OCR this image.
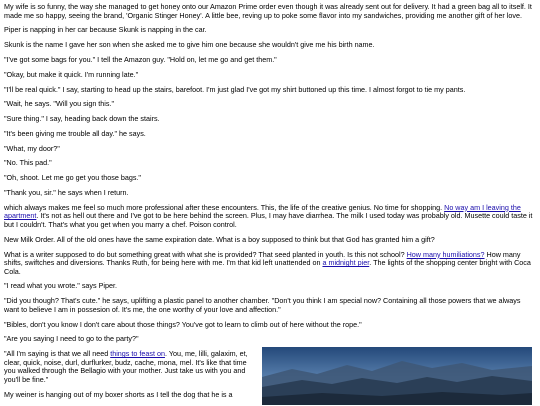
My wife is so funny, the way she managed to get honey onto our Amazon Prime order even though it was already sent out for delivery. It had a green bag all to itself. It made me so happy, seeing the brand, 'Organic Stinger Honey'. A little bee, reving up to poke some flavor into my sandwiches, providing me another gift of her love.

Piper is napping in her car because Skunk is napping in the car.

Skunk is the name I gave her son when she asked me to give him one because she wouldn't give me his birth name.

"I've got some bags for you." I tell the Amazon guy. "Hold on, let me go and get them."

"Okay, but make it quick. I'm running late."

"I'll be real quick." I say, starting to head up the stairs, barefoot. I'm just glad I've got my shirt buttoned up this time. I almost forgot to tie my pants.

"Wait, he says. "Will you sign this."

"Sure thing." I say, heading back down the stairs.

"It's been giving me trouble all day." he says.

"What, my door?"

"No. This pad."

"Oh, shoot. Let me go get you those bags."

"Thank you, sir." he says when I return.

which always makes me feel so much more professional after these encounters. This, the life of the creative genius. No time for shopping. No way am I leaving the apartment. It's not as hell out there and I've got to be here behind the screen. Plus, I may have diarrhea. The milk I used today was probably old. Musette could taste it but I couldn't. That's what you get when you marry a chef. Poison control.

New Milk Order. All of the old ones have the same expiration date. What is a boy supposed to think but that God has granted him a gift?

What is a writer supposed to do but something great with what she is provided? That seed planted in youth. Is this not school? How many humiliations? How many shifts, swiftches and diversions. Thanks Ruth, for being here with me. I'm that kid left unattended on a midnight pier. The lights of the shopping center bright with Coca Cola.

"I read what you wrote." says Piper.

"Did you though? That's cute." he says, uplifting a plastic panel to another chamber. "Don't you think I am special now? Containing all those powers that we always want to believe I am in possesion of. It's me, the one worthy of your love and affection."

"Bibles, don't you know I don't care about those things? You've got to learn to climb out of here without the rope."

"Are you saying I need to go to the party?"

"All I'm saying is that we all need things to feast on. You, me, lilli, galaxim, et, clear, quick, noise, durl, durflurker, budz, cache, mona, mel. It's like that time you walked through the Bellagio with your mother. Just take us with you and you'll be fine."

My weiner is hanging out of my boxer shorts as I tell the dog that he is a
